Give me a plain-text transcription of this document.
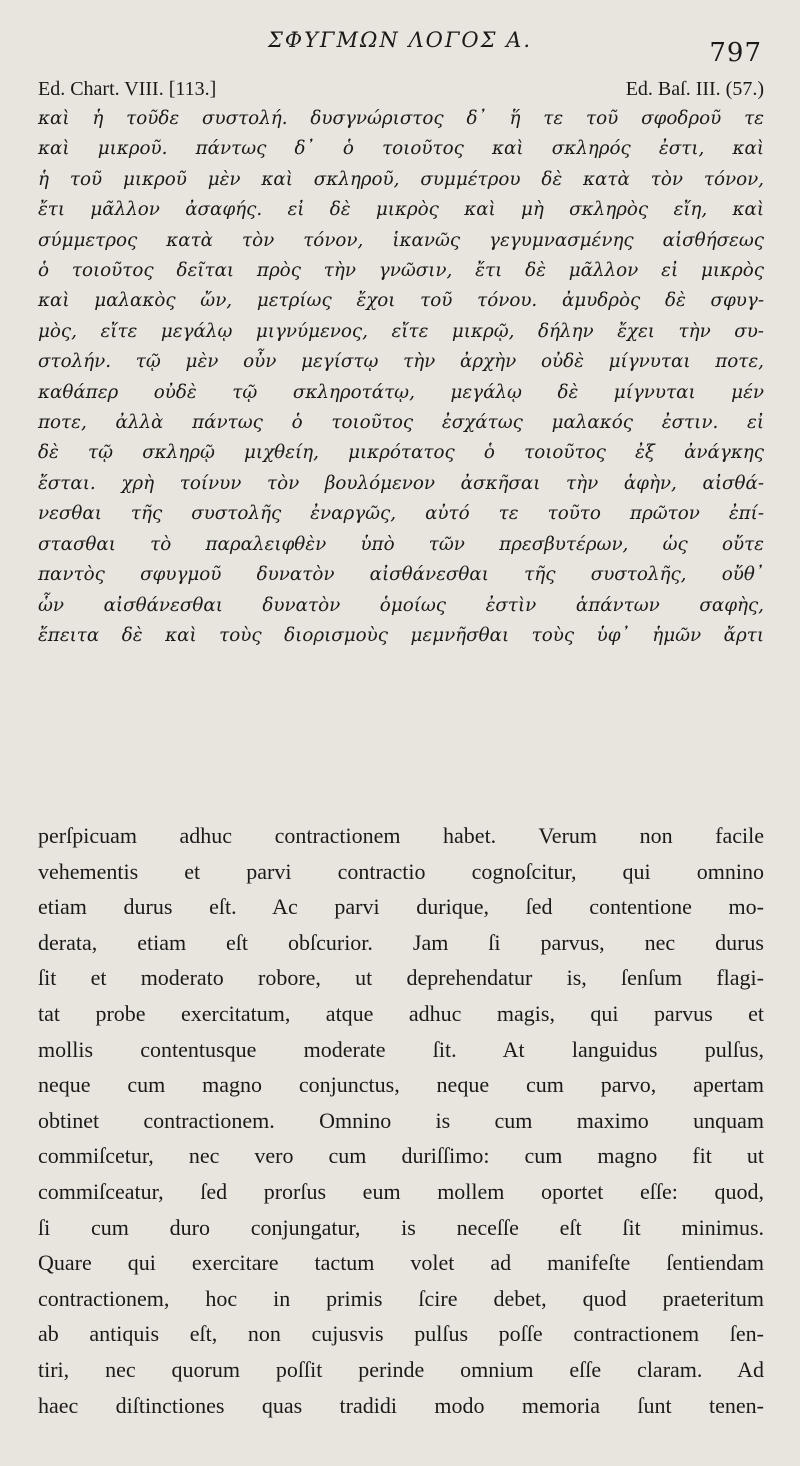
ΣΦΥΓΜΩΝ ΛΟΓΟΣ Α.	797
Ed. Chart. VIII. [113.]	Ed. Baſ. III. (57.)
καὶ ἡ τοῦδε συστολή. δυσγνώριστος δ᾽ ἥ τε τοῦ σφοδροῦ τε
καὶ μικροῦ. πάντως δ᾽ ὁ τοιοῦτος καὶ σκληρός ἐστι, καὶ
ἡ τοῦ μικροῦ μὲν καὶ σκληροῦ, συμμέτρου δὲ κατὰ τὸν τόνον,
ἔτι μᾶλλον ἀσαφής. εἰ δὲ μικρὸς καὶ μὴ σκληρὸς εἴη, καὶ
σύμμετρος κατὰ τὸν τόνον, ἱκανῶς γεγυμνασμένης αἰσθήσεως
ὁ τοιοῦτος δεῖται πρὸς τὴν γνῶσιν, ἔτι δὲ μᾶλλον εἰ μικρὸς
καὶ μαλακὸς ὤν, μετρίως ἔχοι τοῦ τόνου. ἀμυδρὸς δὲ σφυγ-
μὸς, εἴτε μεγάλῳ μιγνύμενος, εἴτε μικρῷ, δήλην ἔχει τὴν συ-
στολήν. τῷ μὲν οὖν μεγίστῳ τὴν ἀρχὴν οὐδὲ μίγνυται ποτε,
καθάπερ οὐδὲ τῷ σκληροτάτῳ, μεγάλῳ δὲ μίγνυται μέν
ποτε, ἀλλὰ πάντως ὁ τοιοῦτος ἐσχάτως μαλακός ἐστιν. εἰ
δὲ τῷ σκληρῷ μιχθείη, μικρότατος ὁ τοιοῦτος ἐξ ἀνάγκης
ἔσται. χρὴ τοίνυν τὸν βουλόμενον ἀσκῆσαι τὴν ἁφὴν, αἰσθά-
νεσθαι τῆς συστολῆς ἐναργῶς, αὐτό τε τοῦτο πρῶτον ἐπί-
στασθαι τὸ παραλειφθὲν ὑπὸ τῶν πρεσβυτέρων, ὡς οὔτε
παντὸς σφυγμοῦ δυνατὸν αἰσθάνεσθαι τῆς συστολῆς, οὔθ᾽
ὧν αἰσθάνεσθαι δυνατὸν ὁμοίως ἐστὶν ἁπάντων σαφὴς,
ἔπειτα δὲ καὶ τοὺς διορισμοὺς μεμνῆσθαι τοὺς ὑφ᾽ ἡμῶν ἄρτι
perſpicuam adhuc contractionem habet. Verum non facile
vehementis et parvi contractio cognoſcitur, qui omnino
etiam durus eſt. Ac parvi durique, ſed contentione mo-
derata, etiam eſt obſcurior. Jam ſi parvus, nec durus
ſit et moderato robore, ut deprehendatur is, ſenſum flagi-
tat probe exercitatum, atque adhuc magis, qui parvus et
mollis contentusque moderate ſit. At languidus pulſus,
neque cum magno conjunctus, neque cum parvo, apertam
obtinet contractionem. Omnino is cum maximo unquam
commiſcetur, nec vero cum duriſſimo: cum magno fit ut
commiſceatur, ſed prorſus eum mollem oportet eſſe: quod,
ſi cum duro conjungatur, is neceſſe eſt ſit minimus.
Quare qui exercitare tactum volet ad manifeſte ſentiendam
contractionem, hoc in primis ſcire debet, quod praeteritum
ab antiquis eſt, non cujusvis pulſus poſſe contractionem ſen-
tiri, nec quorum poſſit perinde omnium eſſe claram. Ad
haec diſtinctiones quas tradidi modo memoria ſunt tenen-
